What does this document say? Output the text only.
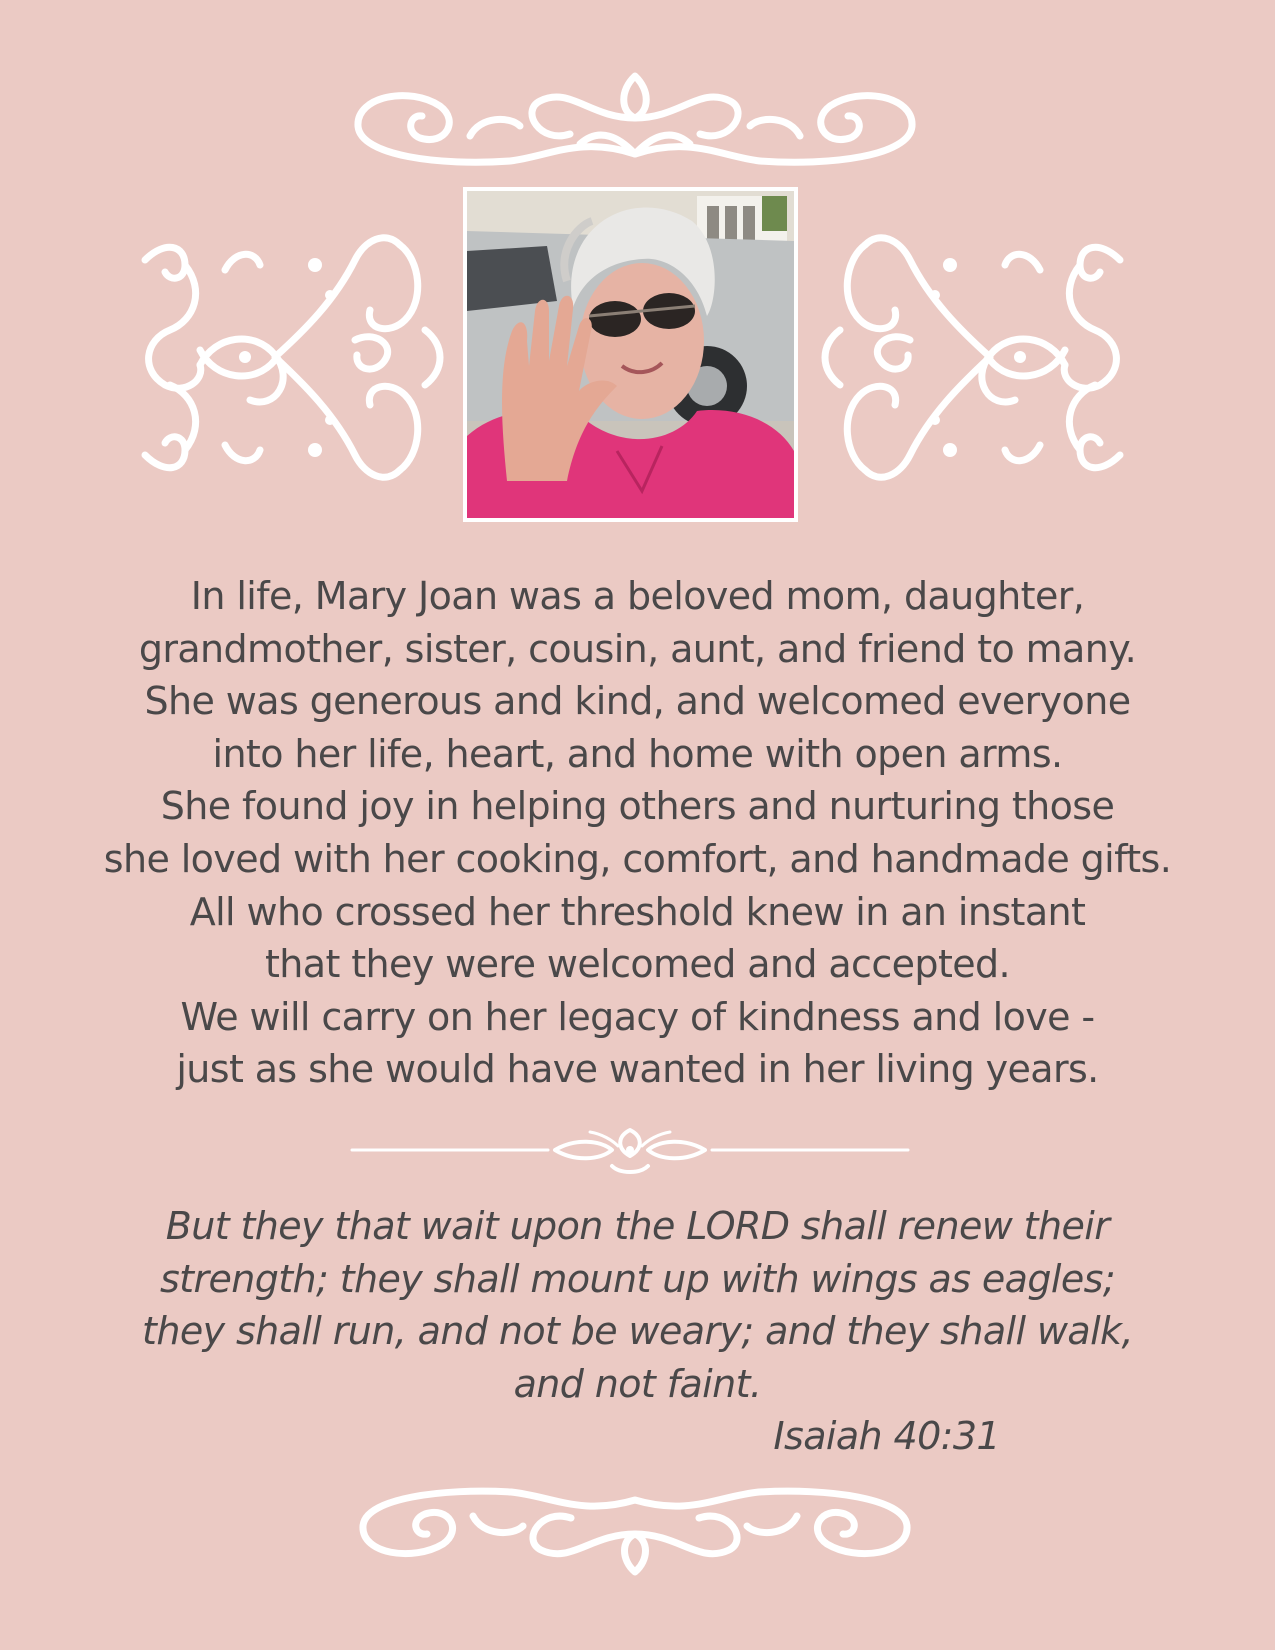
In life, Mary Joan was a beloved mom, daughter,
grandmother, sister, cousin, aunt, and friend to many.
She was generous and kind, and welcomed everyone
into her life, heart, and home with open arms.
She found joy in helping others and nurturing those
she loved with her cooking, comfort, and handmade gifts.
All who crossed her threshold knew in an instant
that they were welcomed and accepted.
We will carry on her legacy of kindness and love -
just as she would have wanted in her living years.
But they that wait upon the LORD shall renew their
strength; they shall mount up with wings as eagles;
they shall run, and not be weary; and they shall walk,
and not faint.
Isaiah 40:31
